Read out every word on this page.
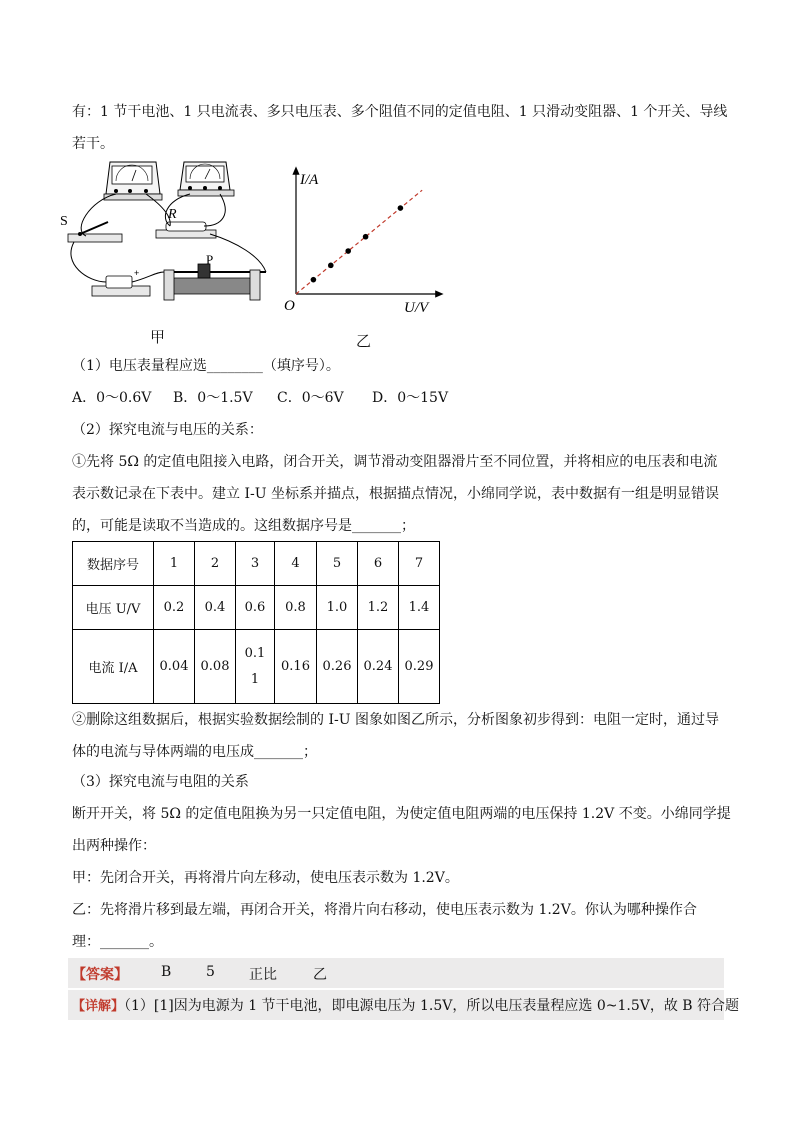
有：1 节干电池、1 只电流表、多只电压表、多个阻值不同的定值电阻、1 只滑动变阻器、1 个开关、导线
若干。
S	R
P
+
甲
I/A
U/V
O
乙
（1）电压表量程应选________（填序号）。
A．0～0.6V B．0～1.5V C．0～6V D．0～15V
（2）探究电流与电压的关系：
①先将 5Ω 的定值电阻接入电路，闭合开关，调节滑动变阻器滑片至不同位置，并将相应的电压表和电流
表示数记录在下表中。建立 I-U 坐标系并描点，根据描点情况，小绵同学说，表中数据有一组是明显错误
的，可能是读取不当造成的。这组数据序号是_______；
数据序号	1	2	3	4	5	6	7
电压 U/V	0.2	0.4	0.6	0.8	1.0	1.2	1.4
电流 I/A	0.04	0.08	0.1
1	0.16	0.26	0.24	0.29
②删除这组数据后，根据实验数据绘制的 I-U 图象如图乙所示，分析图象初步得到：电阻一定时，通过导
体的电流与导体两端的电压成_______；
（3）探究电流与电阻的关系
断开开关，将 5Ω 的定值电阻换为另一只定值电阻，为使定值电阻两端的电压保持 1.2V 不变。小绵同学提
出两种操作：
甲：先闭合开关，再将滑片向左移动，使电压表示数为 1.2V。
乙：先将滑片移到最左端，再闭合开关，将滑片向右移动，使电压表示数为 1.2V。你认为哪种操作合
理：_______。
【答案】 B 5 正比	乙
【详解】（1）[1]因为电源为 1 节干电池，即电源电压为 1.5V，所以电压表量程应选 0~1.5V，故 B 符合题
